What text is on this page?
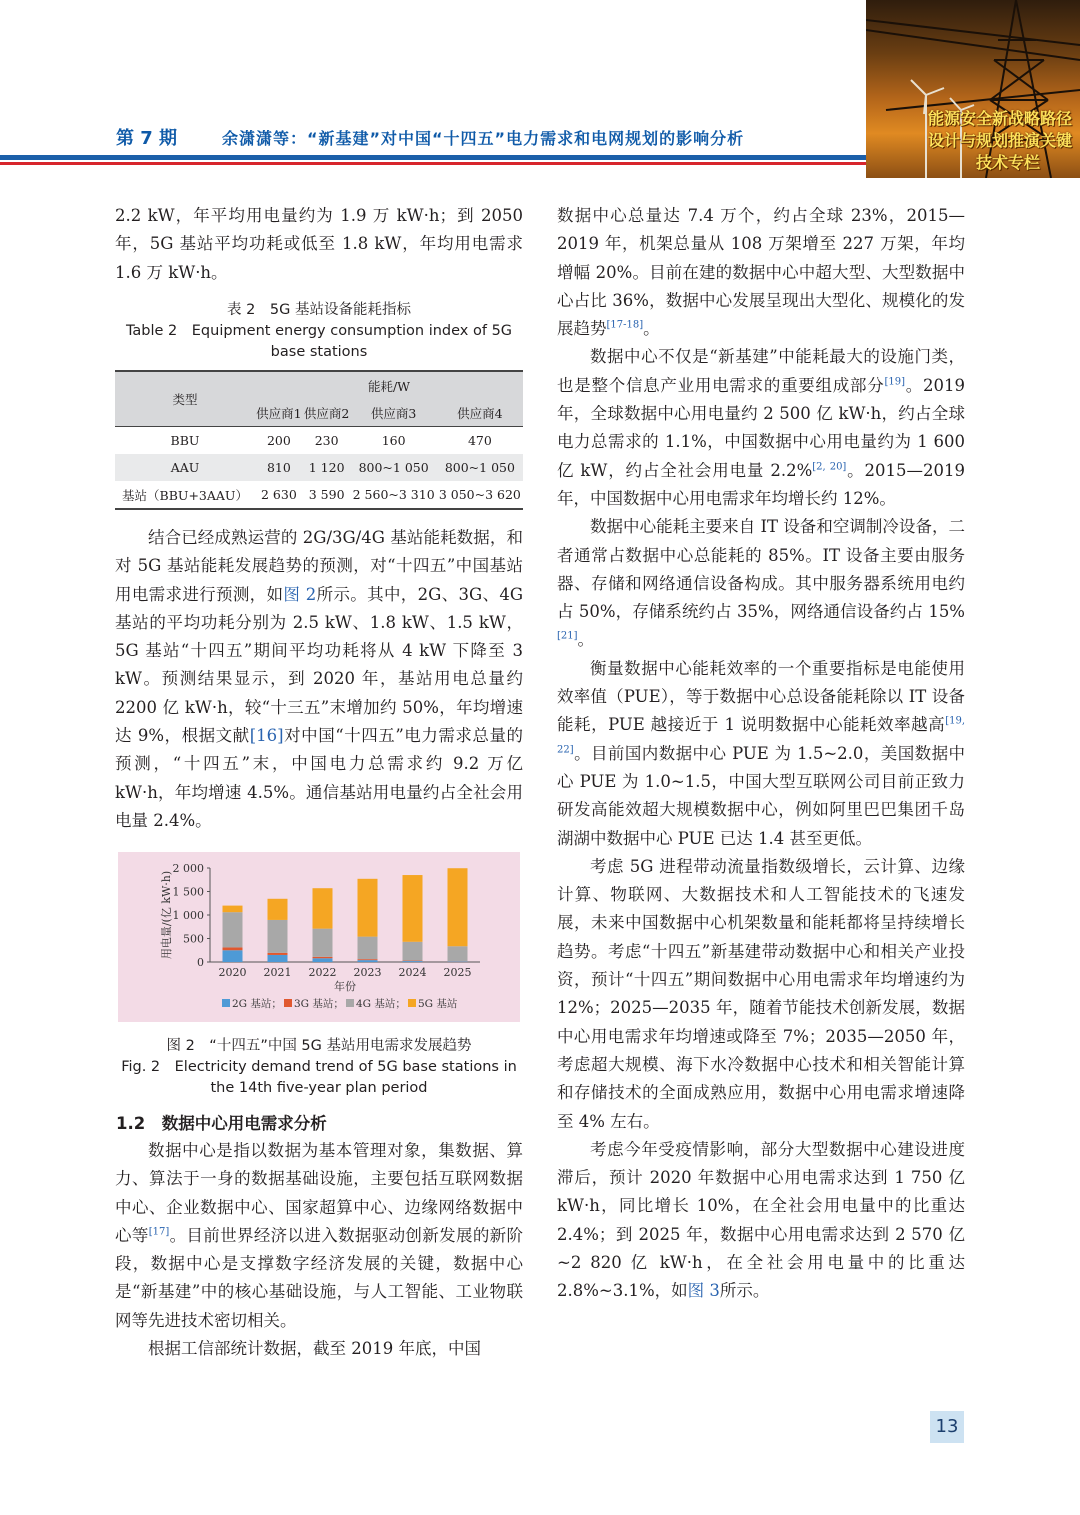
第 7 期	余潇潇等：“新基建”对中国“十四五”电力需求和电网规划的影响分析
能源安全新战略路径
设计与规划推演关键
技术专栏

2.2 kW，年平均用电量约为 1.9 万 kW·h；到 2050 年，5G 基站平均功耗或低至 1.8 kW，年均用电需求 1.6 万 kW·h。

表 2　5G 基站设备能耗指标
Table 2　Equipment energy consumption index of 5G base stations
类型	能耗/W			
	供应商1	供应商2	供应商3	供应商4
BBU	200	230	160	470
AAU	810	1 120	800~1 050	800~1 050
基站（BBU+3AAU）	2 630	3 590	2 560~3 310	3 050~3 620

结合已经成熟运营的 2G/3G/4G 基站能耗数据，和对 5G 基站能耗发展趋势的预测，对“十四五”中国基站用电需求进行预测，如图 2所示。其中，2G、3G、4G 基站的平均功耗分别为 2.5 kW、1.8 kW、1.5 kW，5G 基站“十四五”期间平均功耗将从 4 kW 下降至 3 kW。预测结果显示，到 2020 年，基站用电总量约 2200 亿 kW·h，较“十三五”末增加约 50%，年均增速达 9%，根据文献[16]对中国“十四五”电力需求总量的预测，“十四五”末，中国电力总需求约 9.2 万亿 kW·h，年均增速 4.5%。通信基站用电量约占全社会用电量 2.4%。

0
500
1 000
1 500
2 000
用电量/(亿 kW·h)
2020 2021 2022 2023 2024 2025
年份
2G 基站； 3G 基站； 4G 基站； 5G 基站
图 2　“十四五”中国 5G 基站用电需求发展趋势
Fig. 2　Electricity demand trend of 5G base stations in the 14th five-year plan period
1.2　数据中心用电需求分析

数据中心是指以数据为基本管理对象，集数据、算力、算法于一身的数据基础设施，主要包括互联网数据中心、企业数据中心、国家超算中心、边缘网络数据中心等[17]。目前世界经济以进入数据驱动创新发展的新阶段，数据中心是支撑数字经济发展的关键，数据中心是“新基建”中的核心基础设施，与人工智能、工业物联网等先进技术密切相关。

根据工信部统计数据，截至 2019 年底，中国

数据中心总量达 7.4 万个，约占全球 23%，2015—2019 年，机架总量从 108 万架增至 227 万架，年均增幅 20%。目前在建的数据中心中超大型、大型数据中心占比 36%，数据中心发展呈现出大型化、规模化的发展趋势[17-18]。

数据中心不仅是“新基建”中能耗最大的设施门类，也是整个信息产业用电需求的重要组成部分[19]。2019 年，全球数据中心用电量约 2 500 亿 kW·h，约占全球电力总需求的 1.1%，中国数据中心用电量约为 1 600 亿 kW，约占全社会用电量 2.2%[2, 20]。2015—2019 年，中国数据中心用电需求年均增长约 12%。

数据中心能耗主要来自 IT 设备和空调制冷设备，二者通常占数据中心总能耗的 85%。IT 设备主要由服务器、存储和网络通信设备构成。其中服务器系统用电约占 50%，存储系统约占 35%，网络通信设备约占 15%[21]。

衡量数据中心能耗效率的一个重要指标是电能使用效率值（PUE），等于数据中心总设备能耗除以 IT 设备能耗，PUE 越接近于 1 说明数据中心能耗效率越高[19, 22]。目前国内数据中心 PUE 为 1.5~2.0，美国数据中心 PUE 为 1.0~1.5，中国大型互联网公司目前正致力研发高能效超大规模数据中心，例如阿里巴巴集团千岛湖湖中数据中心 PUE 已达 1.4 甚至更低。

考虑 5G 进程带动流量指数级增长，云计算、边缘计算、物联网、大数据技术和人工智能技术的飞速发展，未来中国数据中心机架数量和能耗都将呈持续增长趋势。考虑“十四五”新基建带动数据中心和相关产业投资，预计“十四五”期间数据中心用电需求年均增速约为 12%；2025—2035 年，随着节能技术创新发展，数据中心用电需求年均增速或降至 7%；2035—2050 年，考虑超大规模、海下水冷数据中心技术和相关智能计算和存储技术的全面成熟应用，数据中心用电需求增速降至 4% 左右。

考虑今年受疫情影响，部分大型数据中心建设进度滞后，预计 2020 年数据中心用电需求达到 1 750 亿 kW·h，同比增长 10%，在全社会用电量中的比重达 2.4%；到 2025 年，数据中心用电需求达到 2 570 亿~2 820 亿 kW·h，在全社会用电量中的比重达 2.8%~3.1%，如图 3所示。

13
